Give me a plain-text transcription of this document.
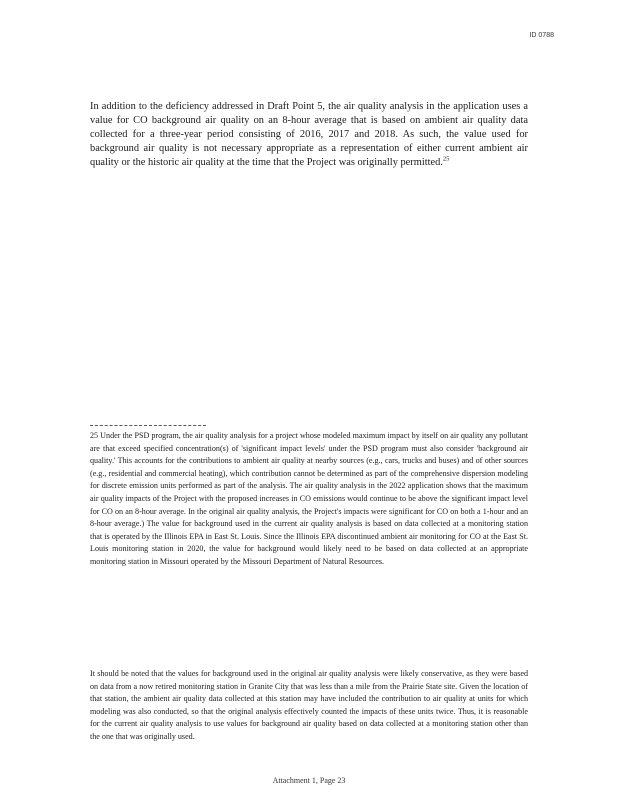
ID 0788

In addition to the deficiency addressed in Draft Point 5, the air quality analysis in the application uses a value for CO background air quality on an 8-hour average that is based on ambient air quality data collected for a three-year period consisting of 2016, 2017 and 2018. As such, the value used for background air quality is not necessary appropriate as a representation of either current ambient air quality or the historic air quality at the time that the Project was originally permitted.$^{25}$

25 Under the PSD program, the air quality analysis for a project whose modeled maximum impact by itself on air quality any pollutant are that exceed specified concentration(s) of 'significant impact levels' under the PSD program must also consider 'background air quality.' This accounts for the contributions to ambient air quality at nearby sources (e.g., cars, trucks and buses) and of other sources (e.g., residential and commercial heating), which contribution cannot be determined as part of the comprehensive dispersion modeling for discrete emission units performed as part of the analysis. The air quality analysis in the 2022 application shows that the maximum air quality impacts of the Project with the proposed increases in CO emissions would continue to be above the significant impact level for CO on an 8-hour average. In the original air quality analysis, the Project's impacts were significant for CO on both a 1-hour and an 8-hour average.) The value for background used in the current air quality analysis is based on data collected at a monitoring station that is operated by the Illinois EPA in East St. Louis. Since the Illinois EPA discontinued ambient air monitoring for CO at the East St. Louis monitoring station in 2020, the value for background would likely need to be based on data collected at an appropriate monitoring station in Missouri operated by the Missouri Department of Natural Resources.

It should be noted that the values for background used in the original air quality analysis were likely conservative, as they were based on data from a now retired monitoring station in Granite City that was less than a mile from the Prairie State site. Given the location of that station, the ambient air quality data collected at this station may have included the contribution to air quality at units for which modeling was also conducted, so that the original analysis effectively counted the impacts of these units twice. Thus, it is reasonable for the current air quality analysis to use values for background air quality based on data collected at a monitoring station other than the one that was originally used.

Attachment 1, Page 23
